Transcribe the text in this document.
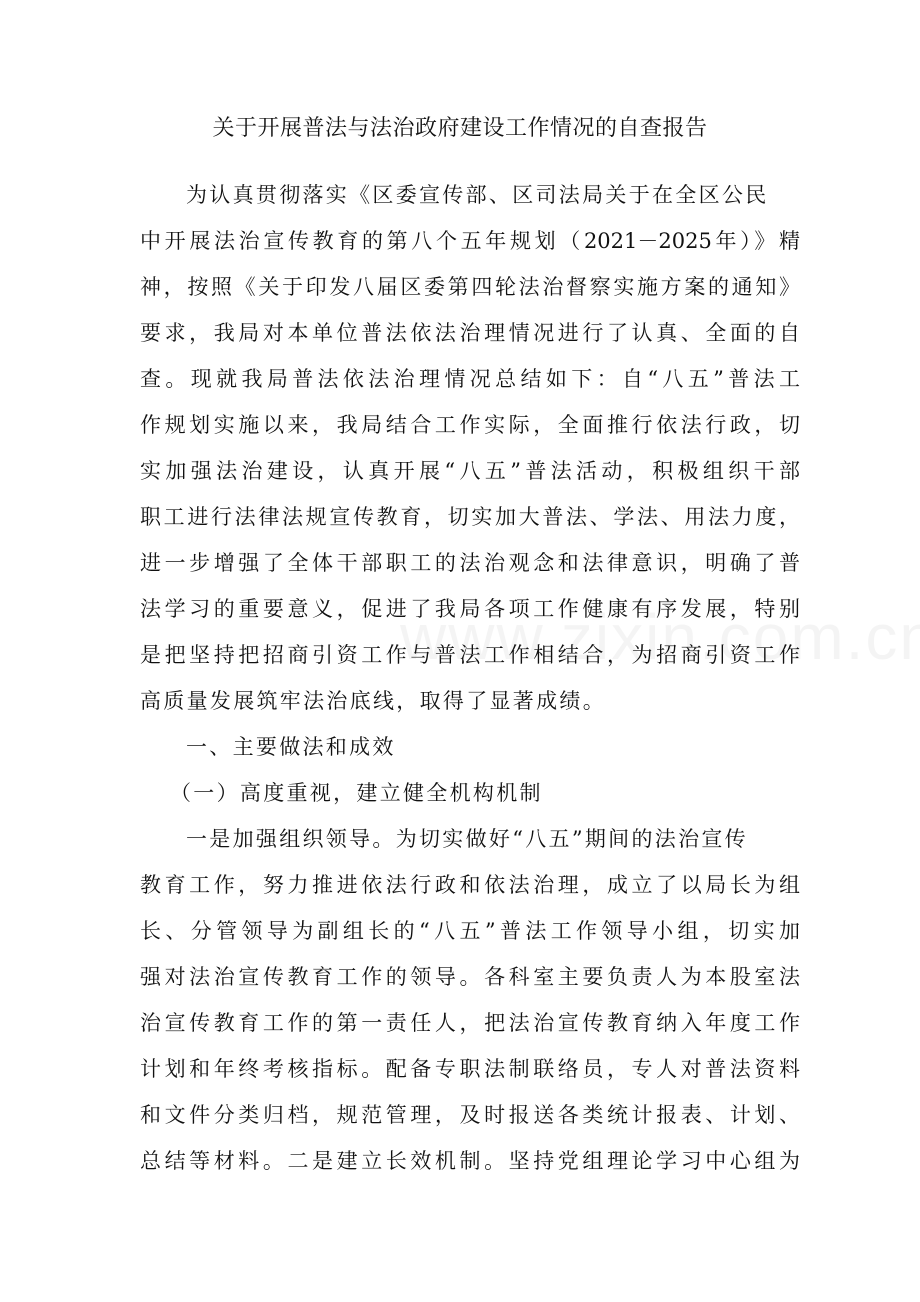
关于开展普法与法治政府建设工作情况的自查报告
为认真贯彻落实《区委宣传部、区司法局关于在全区公民
中开展法治宣传教育的第八个五年规划（2021－2025年）》精
神，按照《关于印发八届区委第四轮法治督察实施方案的通知》
要求，我局对本单位普法依法治理情况进行了认真、全面的自
查。现就我局普法依法治理情况总结如下：自“八五”普法工
作规划实施以来，我局结合工作实际，全面推行依法行政，切
实加强法治建设，认真开展“八五”普法活动，积极组织干部
职工进行法律法规宣传教育，切实加大普法、学法、用法力度，
进一步增强了全体干部职工的法治观念和法律意识，明确了普
法学习的重要意义，促进了我局各项工作健康有序发展，特别
是把坚持把招商引资工作与普法工作相结合，为招商引资工作
高质量发展筑牢法治底线，取得了显著成绩。
一、主要做法和成效
（一）高度重视，建立健全机构机制
一是加强组织领导。为切实做好“八五”期间的法治宣传
教育工作，努力推进依法行政和依法治理，成立了以局长为组
长、分管领导为副组长的“八五”普法工作领导小组，切实加
强对法治宣传教育工作的领导。各科室主要负责人为本股室法
治宣传教育工作的第一责任人，把法治宣传教育纳入年度工作
计划和年终考核指标。配备专职法制联络员，专人对普法资料
和文件分类归档，规范管理，及时报送各类统计报表、计划、
总结等材料。二是建立长效机制。坚持党组理论学习中心组为
